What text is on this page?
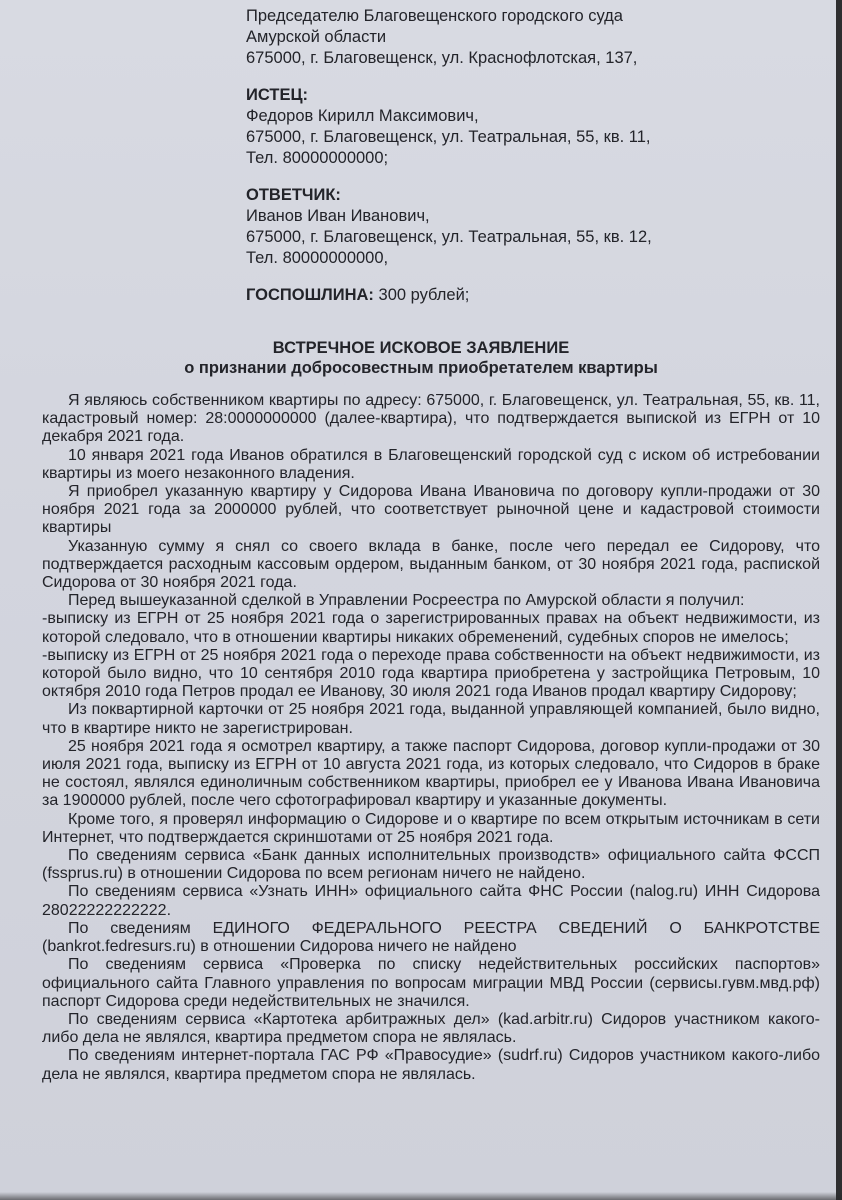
Председателю Благовещенского городского суда
Амурской области
675000, г. Благовещенск, ул. Краснофлотская, 137,
ИСТЕЦ:
Федоров Кирилл Максимович,
675000, г. Благовещенск, ул. Театральная, 55, кв. 11,
Тел. 80000000000;
ОТВЕТЧИК:
Иванов Иван Иванович,
675000, г. Благовещенск, ул. Театральная, 55, кв. 12,
Тел. 80000000000,
ГОСПОШЛИНА: 300 рублей;
ВСТРЕЧНОЕ ИСКОВОЕ ЗАЯВЛЕНИЕ
о признании добросовестным приобретателем квартиры

Я являюсь собственником квартиры по адресу: 675000, г. Благовещенск, ул. Театральная, 55, кв. 11, кадастровый номер: 28:0000000000 (далее-квартира), что подтверждается выпиской из ЕГРН от 10 декабря 2021 года.

10 января 2021 года Иванов обратился в Благовещенский городской суд с иском об истребовании квартиры из моего незаконного владения.

Я приобрел указанную квартиру у Сидорова Ивана Ивановича по договору купли-продажи от 30 ноября 2021 года за 2000000 рублей, что соответствует рыночной цене и кадастровой стоимости квартиры

Указанную сумму я снял со своего вклада в банке, после чего передал ее Сидорову, что подтверждается расходным кассовым ордером, выданным банком, от 30 ноября 2021 года, распиской Сидорова от 30 ноября 2021 года.

Перед вышеуказанной сделкой в Управлении Росреестра по Амурской области я получил:

-выписку из ЕГРН от 25 ноября 2021 года о зарегистрированных правах на объект недвижимости, из которой следовало, что в отношении квартиры никаких обременений, судебных споров не имелось;

-выписку из ЕГРН от 25 ноября 2021 года о переходе права собственности на объект недвижимости, из которой было видно, что 10 сентября 2010 года квартира приобретена у застройщика Петровым, 10 октября 2010 года Петров продал ее Иванову, 30 июля 2021 года Иванов продал квартиру Сидорову;

Из поквартирной карточки от 25 ноября 2021 года, выданной управляющей компанией, было видно, что в квартире никто не зарегистрирован.

25 ноября 2021 года я осмотрел квартиру, а также паспорт Сидорова, договор купли-продажи от 30 июля 2021 года, выписку из ЕГРН от 10 августа 2021 года, из которых следовало, что Сидоров в браке не состоял, являлся единоличным собственником квартиры, приобрел ее у Иванова Ивана Ивановича за 1900000 рублей, после чего сфотографировал квартиру и указанные документы.

Кроме того, я проверял информацию о Сидорове и о квартире по всем открытым источникам в сети Интернет, что подтверждается скриншотами от 25 ноября 2021 года.

По сведениям сервиса «Банк данных исполнительных производств» официального сайта ФССП (fssprus.ru) в отношении Сидорова по всем регионам ничего не найдено.

По сведениям сервиса «Узнать ИНН» официального сайта ФНС России (nalog.ru) ИНН Сидорова 28022222222222.

По сведениям ЕДИНОГО ФЕДЕРАЛЬНОГО РЕЕСТРА СВЕДЕНИЙ О БАНКРОТСТВЕ (bankrot.fedresurs.ru) в отношении Сидорова ничего не найдено

По сведениям сервиса «Проверка по списку недействительных российских паспортов» официального сайта Главного управления по вопросам миграции МВД России (сервисы.гувм.мвд.рф) паспорт Сидорова среди недействительных не значился.

По сведениям сервиса «Картотека арбитражных дел» (kad.arbitr.ru) Сидоров участником какого-либо дела не являлся, квартира предметом спора не являлась.

По сведениям интернет-портала ГАС РФ «Правосудие» (sudrf.ru) Сидоров участником какого-либо дела не являлся, квартира предметом спора не являлась.
